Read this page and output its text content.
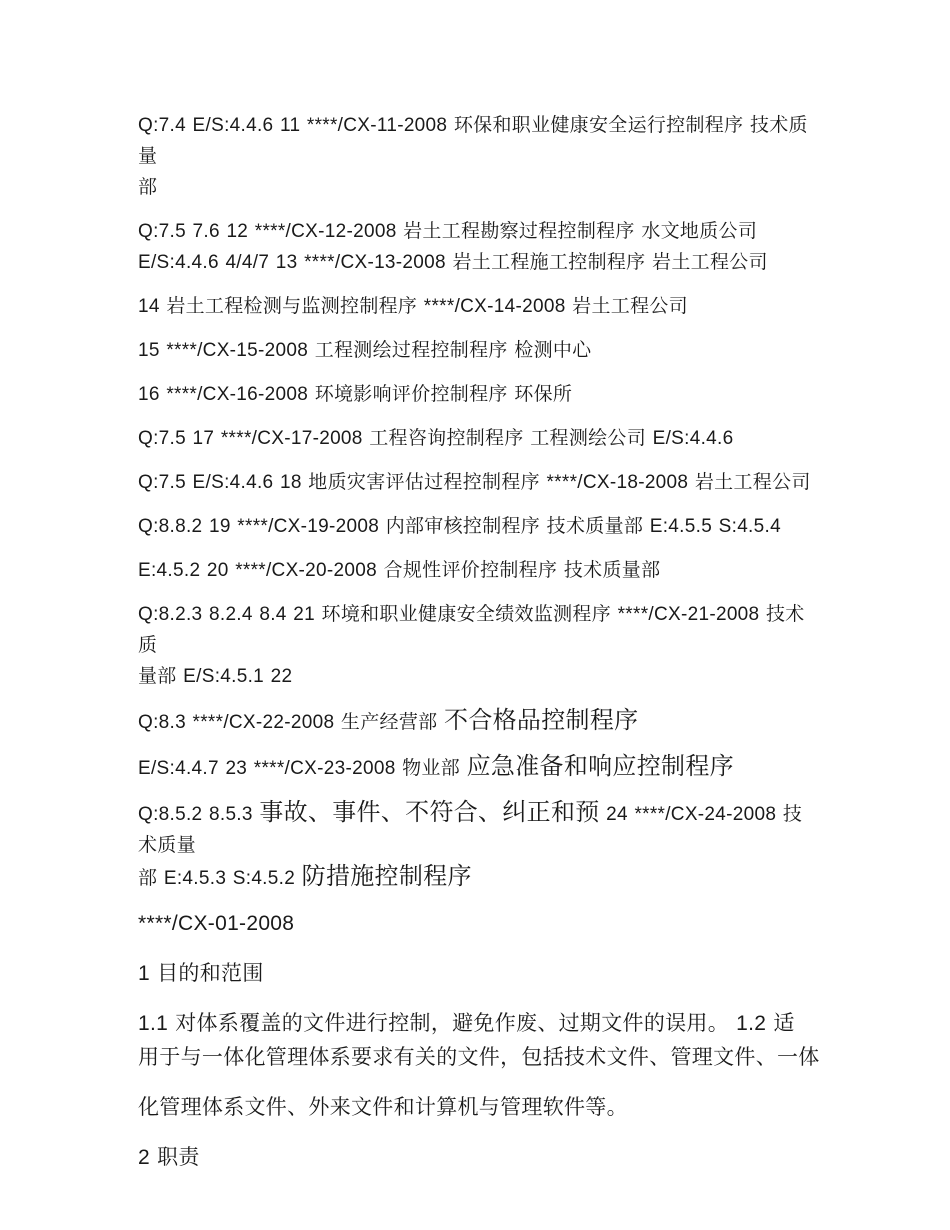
Q:7.4 E/S:4.4.6 11 ****/CX-11-2008 环保和职业健康安全运行控制程序 技术质量
部

Q:7.5 7.6 12 ****/CX-12-2008 岩土工程勘察过程控制程序 水文地质公司
E/S:4.4.6 4/4/7 13 ****/CX-13-2008 岩土工程施工控制程序 岩土工程公司

14 岩土工程检测与监测控制程序 ****/CX-14-2008 岩土工程公司

15 ****/CX-15-2008 工程测绘过程控制程序 检测中心

16 ****/CX-16-2008 环境影响评价控制程序 环保所

Q:7.5 17 ****/CX-17-2008 工程咨询控制程序 工程测绘公司 E/S:4.4.6

Q:7.5 E/S:4.4.6 18 地质灾害评估过程控制程序 ****/CX-18-2008 岩土工程公司

Q:8.8.2 19 ****/CX-19-2008 内部审核控制程序 技术质量部 E:4.5.5 S:4.5.4

E:4.5.2 20 ****/CX-20-2008 合规性评价控制程序 技术质量部

Q:8.2.3 8.2.4 8.4 21 环境和职业健康安全绩效监测程序 ****/CX-21-2008 技术质
量部 E/S:4.5.1 22

Q:8.3 ****/CX-22-2008 生产经营部 不合格品控制程序

E/S:4.4.7 23 ****/CX-23-2008 物业部 应急准备和响应控制程序

Q:8.5.2 8.5.3 事故、事件、不符合、纠正和预 24 ****/CX-24-2008 技术质量
部 E:4.5.3 S:4.5.2 防措施控制程序

****/CX-01-2008

1 目的和范围

1.1 对体系覆盖的文件进行控制，避免作废、过期文件的误用。 1.2 适
用于与一体化管理体系要求有关的文件，包括技术文件、管理文件、一体

化管理体系文件、外来文件和计算机与管理软件等。

2 职责
